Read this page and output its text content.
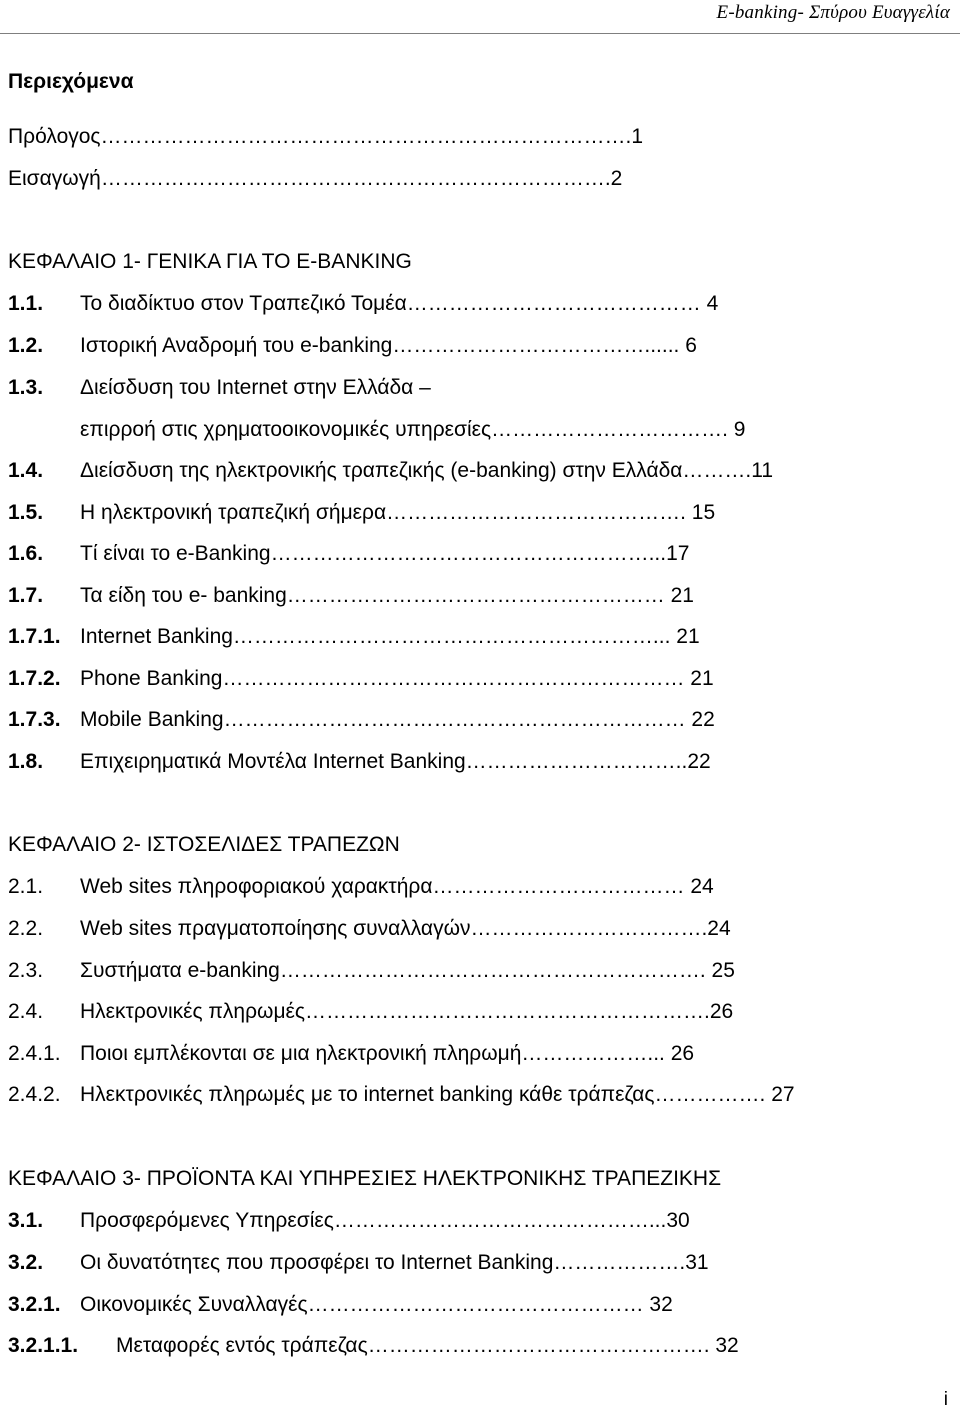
E-banking- Σπύρου Ευαγγελία
Περιεχόμενα
Πρόλογος………………………………………………………………….1
Εισαγωγή……………………………………………………………….2
ΚΕΦΑΛΑΙΟ 1- ΓΕΝΙΚΑ ΓΙΑ ΤΟ E-BANKING
1.1.	Το διαδίκτυο στον Τραπεζικό Τομέα…………………………………… 4
1.2.	Ιστορική Αναδρομή του e-banking………………………………...... 6
1.3.	Διείσδυση του Internet στην Ελλάδα –
επιρροή στις χρηματοοικονομικές υπηρεσίες……………………………. 9
1.4.	Διείσδυση της ηλεκτρονικής τραπεζικής (e-banking) στην Ελλάδα……….11
1.5.	Η ηλεκτρονική τραπεζική σήμερα……………………………………. 15
1.6.	Τί είναι το e-Banking………………………………………………...17
1.7.	Τα είδη του e- banking……………………………………………… 21
1.7.1. Internet Banking……………………………………………………... 21
1.7.2. Phone Banking………………………………………………………… 21
1.7.3. Mobile Banking………………………………………………………… 22
1.8.	Επιχειρηματικά Μοντέλα Internet Banking…………………………..22
ΚΕΦΑΛΑΙΟ 2- ΙΣΤΟΣΕΛΙΔΕΣ ΤΡΑΠΕΖΩΝ
2.1.	Web sites πληροφοριακού χαρακτήρα……………………………… 24
2.2.	Web sites πραγματοποίησης συναλλαγών…………………………….24
2.3.	Συστήματα e-banking……………………………………………………. 25
2.4.	Ηλεκτρονικές πληρωμές………………………………………………….26
2.4.1. Ποιοι εμπλέκονται σε μια ηλεκτρονική πληρωμή………………... 26
2.4.2. Ηλεκτρονικές πληρωμές με το internet banking κάθε τράπεζας……………. 27
ΚΕΦΑΛΑΙΟ 3- ΠΡΟΪΟΝΤΑ ΚΑΙ ΥΠΗΡΕΣΙΕΣ ΗΛΕΚΤΡΟΝΙΚΗΣ ΤΡΑΠΕΖΙΚΗΣ
3.1.	Προσφερόμενες Υπηρεσίες………………………………………...30
3.2.	Οι δυνατότητες που προσφέρει το Internet Banking……………….31
3.2.1. Οικονομικές Συναλλαγές………………………………………… 32
3.2.1.1.	Μεταφορές εντός τράπεζας…………………………………………. 32
i
